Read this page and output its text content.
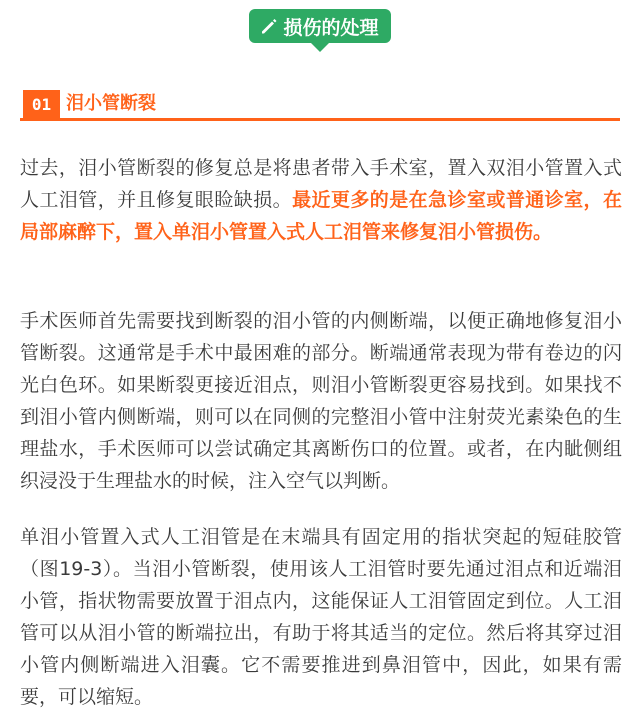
损伤的处理
01 泪小管断裂

过去，泪小管断裂的修复总是将患者带入手术室，置入双泪小管置入式人工泪管，并且修复眼睑缺损。最近更多的是在急诊室或普通诊室，在局部麻醉下，置入单泪小管置入式人工泪管来修复泪小管损伤。

手术医师首先需要找到断裂的泪小管的内侧断端，以便正确地修复泪小管断裂。这通常是手术中最困难的部分。断端通常表现为带有卷边的闪光白色环。如果断裂更接近泪点，则泪小管断裂更容易找到。如果找不到泪小管内侧断端，则可以在同侧的完整泪小管中注射荧光素染色的生理盐水，手术医师可以尝试确定其离断伤口的位置。或者，在内眦侧组织浸没于生理盐水的时候，注入空气以判断。

单泪小管置入式人工泪管是在末端具有固定用的指状突起的短硅胶管（图19-3）。当泪小管断裂，使用该人工泪管时要先通过泪点和近端泪小管，指状物需要放置于泪点内，这能保证人工泪管固定到位。人工泪管可以从泪小管的断端拉出，有助于将其适当的定位。然后将其穿过泪小管内侧断端进入泪囊。它不需要推进到鼻泪管中，因此，如果有需要，可以缩短。
